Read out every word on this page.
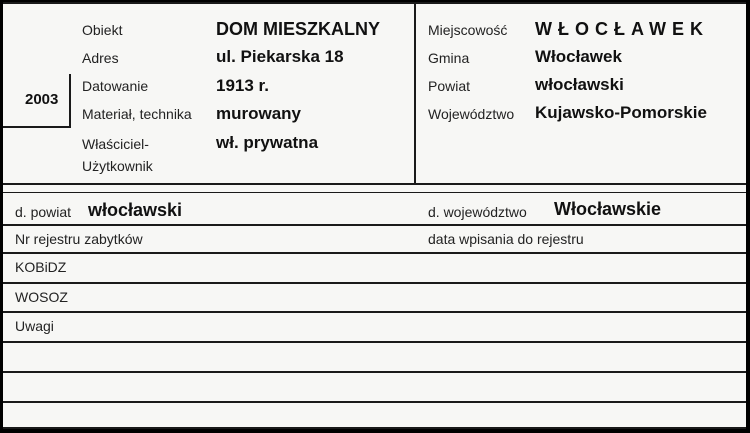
2003
Obiekt	DOM MIESZKALNY
Adres	ul. Piekarska 18
Datowanie	1913 r.
Materiał, technika murowany
Właściciel-
Użytkownik
wł. prywatna
Miejscowość WŁOCŁAWEK
Gmina	Włocławek
Powiat	włocławski
Województwo Kujawsko-Pomorskie
d. powiat włocławski	d. województwo Włocławskie
Nr rejestru zabytków	data wpisania do rejestru
KOBiDZ
WOSOZ
Uwagi
